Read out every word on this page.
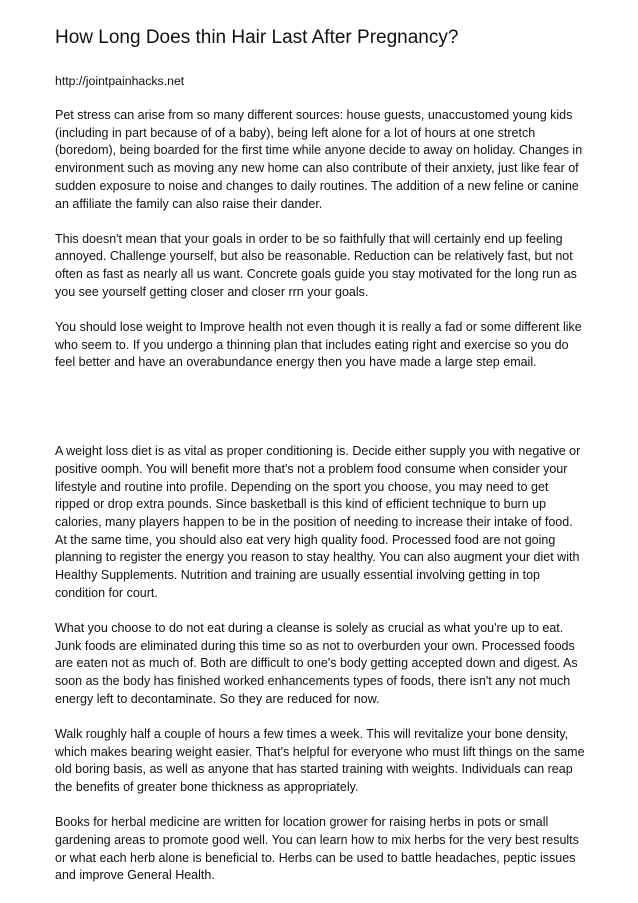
How Long Does thin Hair Last After Pregnancy?

http://jointpainhacks.net

Pet stress can arise from so many different sources: house guests, unaccustomed young kids (including in part because of of a baby), being left alone for a lot of hours at one stretch (boredom), being boarded for the first time while anyone decide to away on holiday. Changes in environment such as moving any new home can also contribute of their anxiety, just like fear of sudden exposure to noise and changes to daily routines. The addition of a new feline or canine an affiliate the family can also raise their dander.

This doesn't mean that your goals in order to be so faithfully that will certainly end up feeling annoyed. Challenge yourself, but also be reasonable. Reduction can be relatively fast, but not often as fast as nearly all us want. Concrete goals guide you stay motivated for the long run as you see yourself getting closer and closer rrn your goals.

You should lose weight to Improve health not even though it is really a fad or some different like who seem to. If you undergo a thinning plan that includes eating right and exercise so you do feel better and have an overabundance energy then you have made a large step email.

A weight loss diet is as vital as proper conditioning is. Decide either supply you with negative or positive oomph. You will benefit more that's not a problem food consume when consider your lifestyle and routine into profile. Depending on the sport you choose, you may need to get ripped or drop extra pounds. Since basketball is this kind of efficient technique to burn up calories, many players happen to be in the position of needing to increase their intake of food. At the same time, you should also eat very high quality food. Processed food are not going planning to register the energy you reason to stay healthy. You can also augment your diet with Healthy Supplements. Nutrition and training are usually essential involving getting in top condition for court.

What you choose to do not eat during a cleanse is solely as crucial as what you're up to eat. Junk foods are eliminated during this time so as not to overburden your own. Processed foods are eaten not as much of. Both are difficult to one's body getting accepted down and digest. As soon as the body has finished worked enhancements types of foods, there isn't any not much energy left to decontaminate. So they are reduced for now.

Walk roughly half a couple of hours a few times a week. This will revitalize your bone density, which makes bearing weight easier. That's helpful for everyone who must lift things on the same old boring basis, as well as anyone that has started training with weights. Individuals can reap the benefits of greater bone thickness as appropriately.

Books for herbal medicine are written for location grower for raising herbs in pots or small gardening areas to promote good well. You can learn how to mix herbs for the very best results or what each herb alone is beneficial to. Herbs can be used to battle headaches, peptic issues and improve General Health.
